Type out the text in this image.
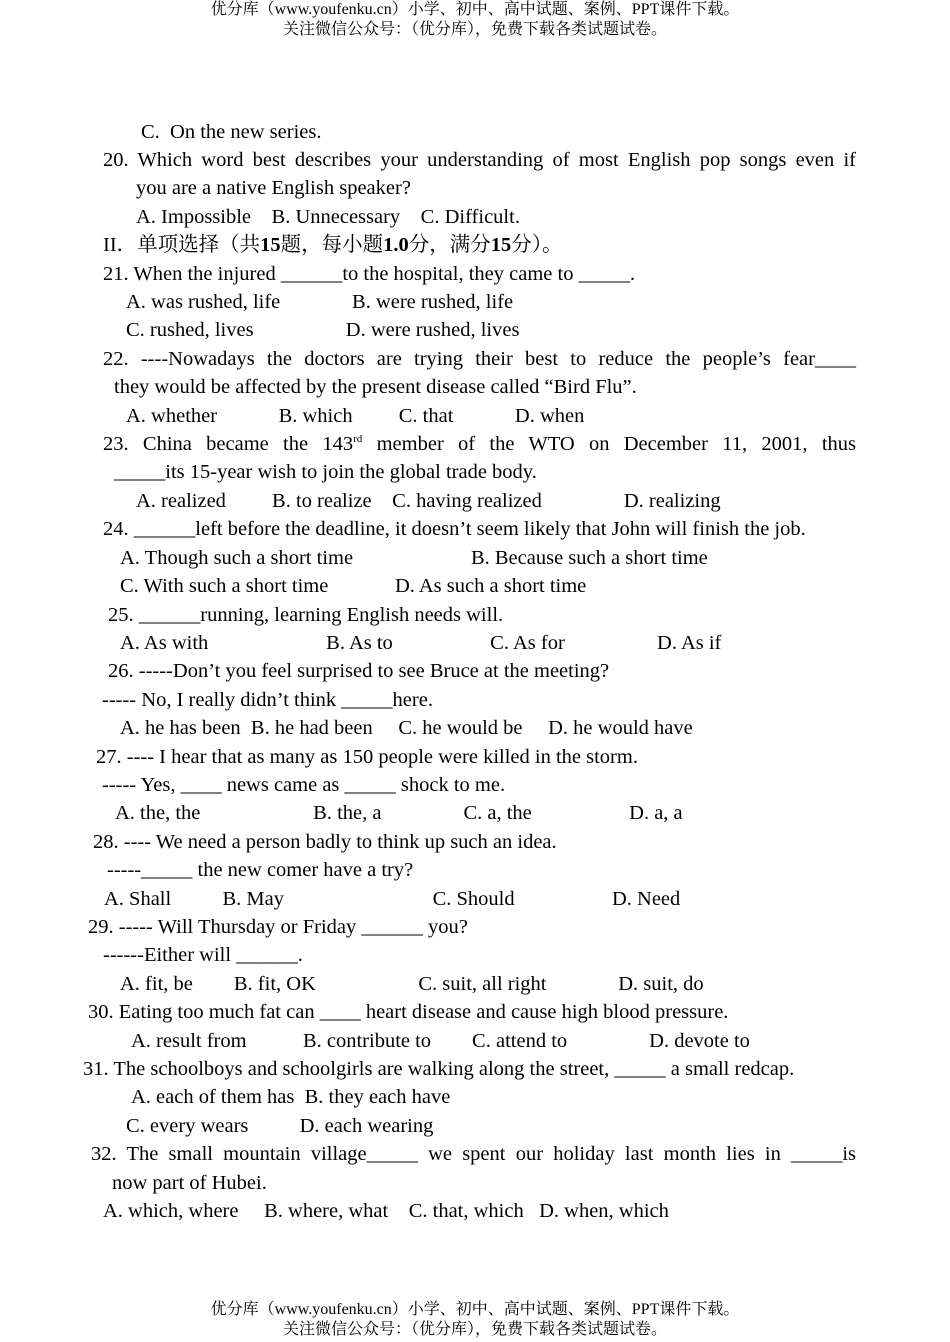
优分库（www.youfenku.cn）小学、初中、高中试题、案例、PPT课件下载。
关注微信公众号：（优分库），免费下载各类试题试卷。
C.  On the new series.
20. Which word best describes your understanding of most English pop songs even if
you are a native English speaker?
A. Impossible    B. Unnecessary    C. Difficult.
II．单项选择（共15题，每小题1.0分，满分15分）。
21. When the injured ______to the hospital, they came to _____.
A. was rushed, life              B. were rushed, life
C. rushed, lives                  D. were rushed, lives
22. ----Nowadays the doctors are trying their best to reduce the people’s fear____
they would be affected by the present disease called “Bird Flu”.
A. whether            B. which         C. that            D. when
23. China became the 143rd member of the WTO on December 11, 2001, thus
_____its 15-year wish to join the global trade body.
A. realized         B. to realize    C. having realized                D. realizing
24. ______left before the deadline, it doesn’t seem likely that John will finish the job.
A. Though such a short time                       B. Because such a short time
C. With such a short time             D. As such a short time
25. ______running, learning English needs will.
A. As with                       B. As to                   C. As for                  D. As if
26. -----Don’t you feel surprised to see Bruce at the meeting?
----- No, I really didn’t think _____here.
A. he has been  B. he had been     C. he would be     D. he would have
27. ---- I hear that as many as 150 people were killed in the storm.
----- Yes, ____ news came as _____ shock to me.
A. the, the                      B. the, a                C. a, the                   D. a, a
28. ---- We need a person badly to think up such an idea.
-----_____ the new comer have a try?
A. Shall          B. May                             C. Should                   D. Need
29. ----- Will Thursday or Friday ______ you?
------Either will ______.
A. fit, be        B. fit, OK                    C. suit, all right              D. suit, do
30. Eating too much fat can ____ heart disease and cause high blood pressure.
A. result from           B. contribute to        C. attend to                D. devote to
31. The schoolboys and schoolgirls are walking along the street, _____ a small redcap.
A. each of them has  B. they each have
C. every wears          D. each wearing
32. The small mountain village_____ we spent our holiday last month lies in _____is
now part of Hubei.
A. which, where     B. where, what    C. that, which   D. when, which
优分库（www.youfenku.cn）小学、初中、高中试题、案例、PPT课件下载。
关注微信公众号：（优分库），免费下载各类试题试卷。
